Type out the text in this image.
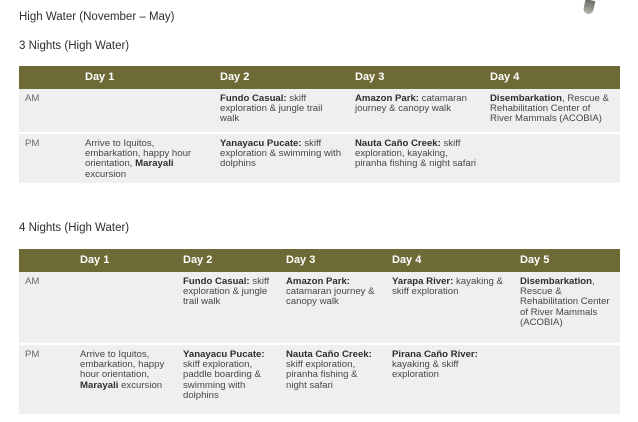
High Water (November – May)
3 Nights (High Water)
	Day 1	Day 2	Day 3	Day 4
AM		Fundo Casual: skiff exploration & jungle trail walk	Amazon Park: catamaran journey & canopy walk	Disembarkation, Rescue & Rehabilitation Center of River Mammals (ACOBIA)
PM	Arrive to Iquitos, embarkation, happy hour orientation, Marayali excursion	Yanayacu Pucate: skiff exploration & swimming with dolphins	Nauta Caño Creek: skiff exploration, kayaking, piranha fishing & night safari	
4 Nights (High Water)
	Day 1	Day 2	Day 3	Day 4	Day 5
AM		Fundo Casual: skiff exploration & jungle trail walk	Amazon Park: catamaran journey & canopy walk	Yarapa River: kayaking & skiff exploration	Disembarkation, Rescue & Rehabilitation Center of River Mammals (ACOBIA)
PM	Arrive to Iquitos, embarkation, happy hour orientation, Marayali excursion	Yanayacu Pucate: skiff exploration, paddle boarding & swimming with dolphins	Nauta Caño Creek: skiff exploration, piranha fishing & night safari	Pirana Caño River: kayaking & skiff exploration	
